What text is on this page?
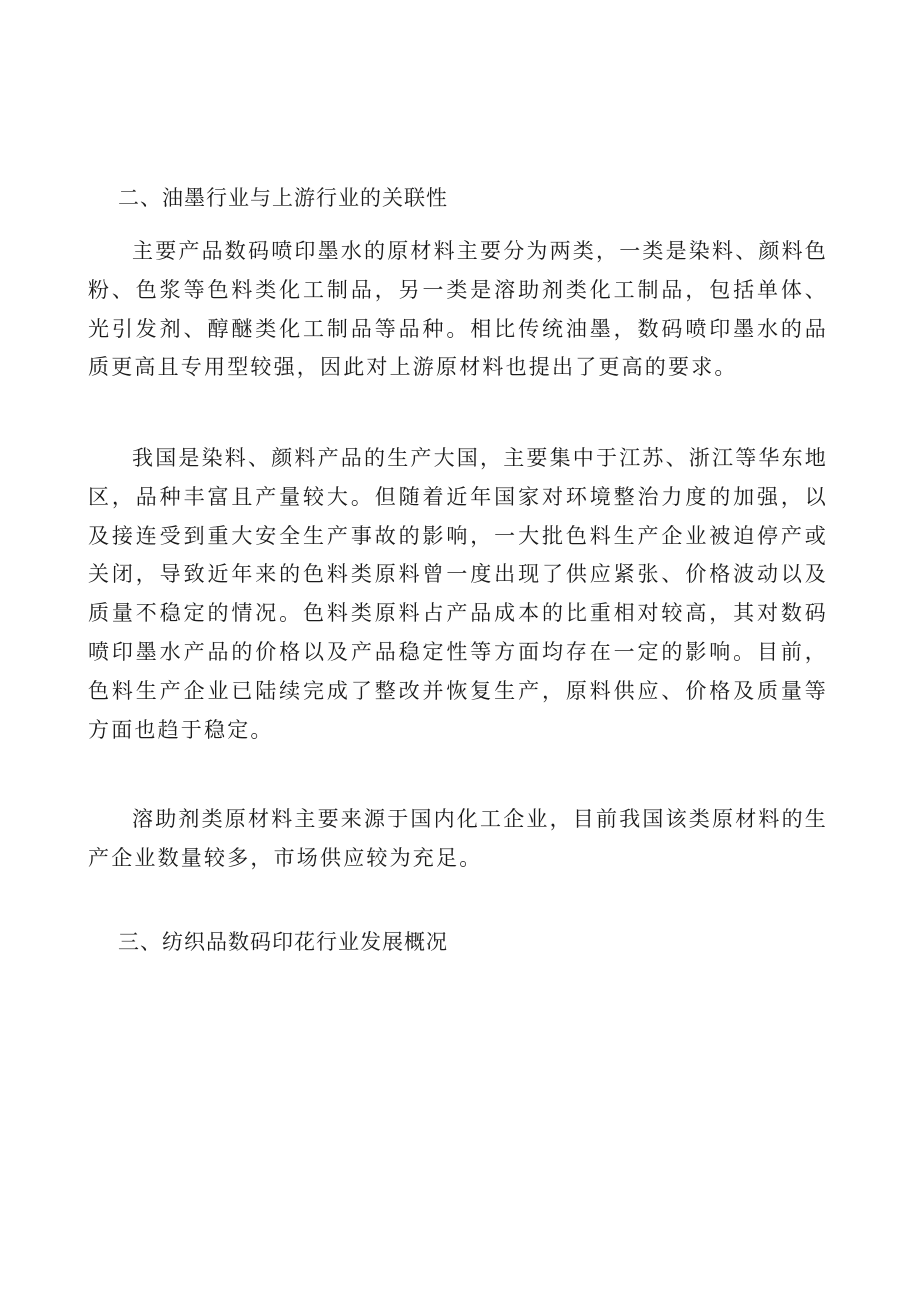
二、油墨行业与上游行业的关联性

主要产品数码喷印墨水的原材料主要分为两类，一类是染料、颜料色粉、色浆等色料类化工制品，另一类是溶助剂类化工制品，包括单体、光引发剂、醇醚类化工制品等品种。相比传统油墨，数码喷印墨水的品质更高且专用型较强，因此对上游原材料也提出了更高的要求。

我国是染料、颜料产品的生产大国，主要集中于江苏、浙江等华东地区，品种丰富且产量较大。但随着近年国家对环境整治力度的加强，以及接连受到重大安全生产事故的影响，一大批色料生产企业被迫停产或关闭，导致近年来的色料类原料曾一度出现了供应紧张、价格波动以及质量不稳定的情况。色料类原料占产品成本的比重相对较高，其对数码喷印墨水产品的价格以及产品稳定性等方面均存在一定的影响。目前，色料生产企业已陆续完成了整改并恢复生产，原料供应、价格及质量等方面也趋于稳定。

溶助剂类原材料主要来源于国内化工企业，目前我国该类原材料的生产企业数量较多，市场供应较为充足。

三、纺织品数码印花行业发展概况
